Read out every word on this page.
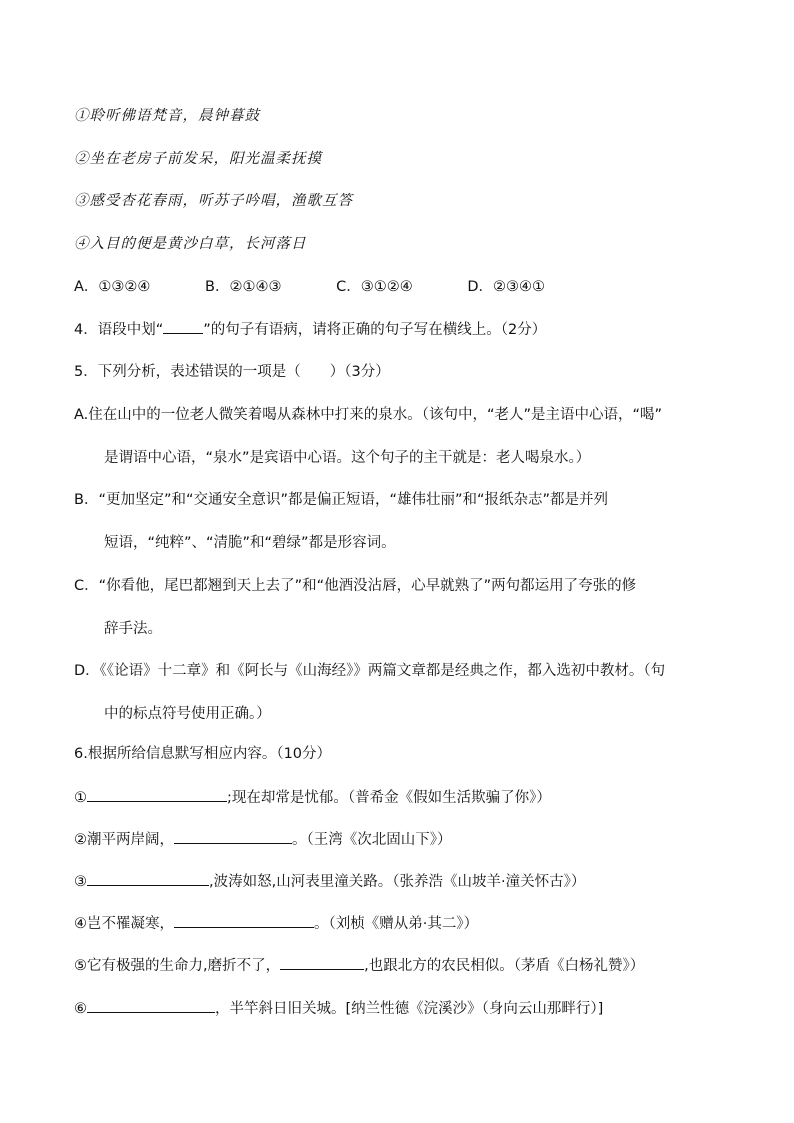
①聆听佛语梵音，晨钟暮鼓
②坐在老房子前发呆，阳光温柔抚摸
③感受杏花春雨，听苏子吟唱，渔歌互答
④入目的便是黄沙白草，长河落日
A．①③②④	B．②①④③	C．③①②④	D．②③④①
4．语段中划“	”的句子有语病，请将正确的句子写在横线上。（2分）
5．下列分析，表述错误的一项是（　　）（3分）
A.住在山中的一位老人微笑着喝从森林中打来的泉水。（该句中，“老人”是主语中心语，“喝”
是谓语中心语，“泉水”是宾语中心语。这个句子的主干就是：老人喝泉水。）
B．“更加坚定”和“交通安全意识”都是偏正短语，“雄伟壮丽”和“报纸杂志”都是并列
短语，“纯粹”、“清脆”和“碧绿”都是形容词。
C．“你看他，尾巴都翘到天上去了”和“他酒没沾唇，心早就熟了”两句都运用了夸张的修
辞手法。
D．《《论语》十二章》和《阿长与《山海经》》两篇文章都是经典之作，都入选初中教材。（句
中的标点符号使用正确。）
6.根据所给信息默写相应内容。（10分）
①	;现在却常是忧郁。（普希金《假如生活欺骗了你》）
②潮平两岸阔，	。（王湾《次北固山下》）
③	,波涛如怒,山河表里潼关路。（张养浩《山坡羊·潼关怀古》）
④岂不罹凝寒，	。（刘桢《赠从弟·其二》）
⑤它有极强的生命力,磨折不了，	,也跟北方的农民相似。（茅盾《白杨礼赞》）
⑥	，半竿斜日旧关城。[纳兰性德《浣溪沙》（身向云山那畔行）]
